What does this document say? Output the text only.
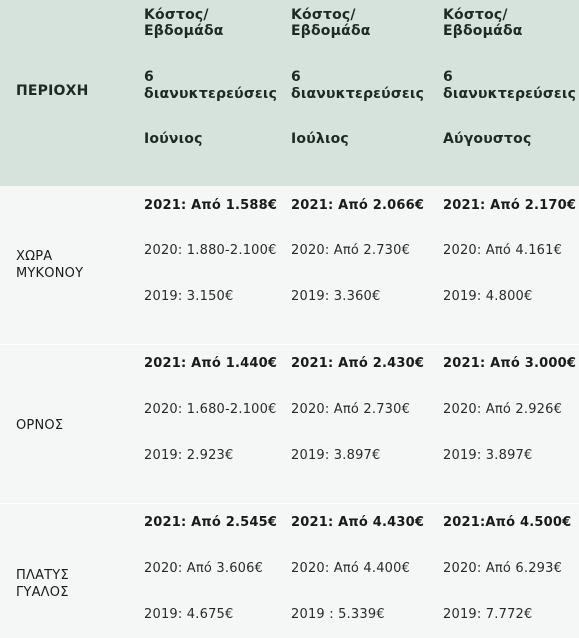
ΠΕΡΙΟΧΗ
Κόστος/
Εβδομάδα
6
διανυκτερεύσεις
Ιούνιος
Κόστος/
Εβδομάδα
6
διανυκτερεύσεις
Ιούλιος
Κόστος/
Εβδομάδα
6
διανυκτερεύσεις
Αύγουστος
ΧΩΡΑ
ΜΥΚΟΝΟΥ
2021: Από 1.588€
2020: 1.880-2.100€
2019: 3.150€
2021: Από 2.066€
2020: Από 2.730€
2019: 3.360€
2021: Από 2.170€
2020: Από 4.161€
2019: 4.800€
ΟΡΝΟΣ
2021: Από 1.440€
2020: 1.680-2.100€
2019: 2.923€
2021: Από 2.430€
2020: Από 2.730€
2019: 3.897€
2021: Από 3.000€
2020: Από 2.926€
2019: 3.897€
ΠΛΑΤΥΣ
ΓΥΑΛΟΣ
2021: Από 2.545€
2020: Από 3.606€
2019: 4.675€
2021: Από 4.430€
2020: Από 4.400€
2019 : 5.339€
2021:Από 4.500€
2020: Από 6.293€
2019: 7.772€
